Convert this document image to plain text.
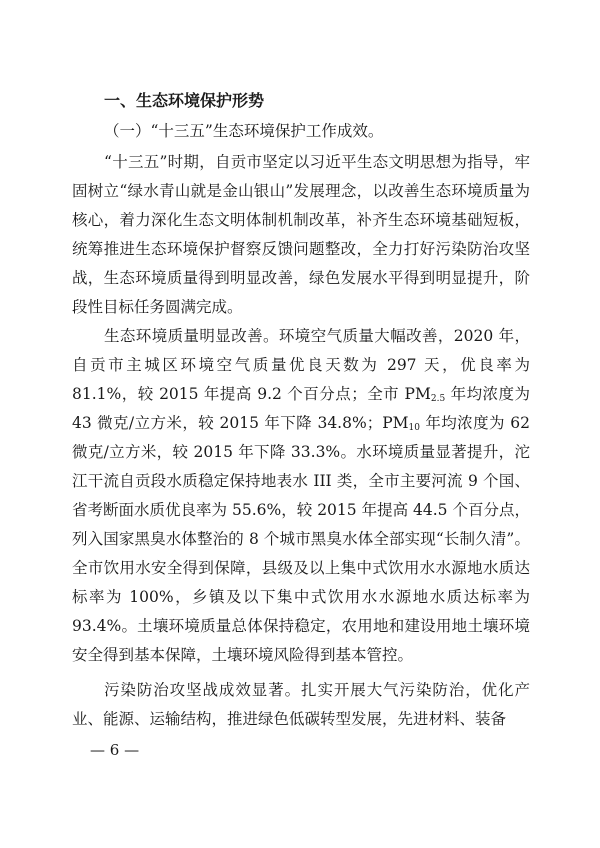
一、生态环境保护形势
（一）“十三五”生态环境保护工作成效。

“十三五”时期，自贡市坚定以习近平生态文明思想为指导，牢固树立“绿水青山就是金山银山”发展理念，以改善生态环境质量为核心，着力深化生态文明体制机制改革，补齐生态环境基础短板，统筹推进生态环境保护督察反馈问题整改，全力打好污染防治攻坚战，生态环境质量得到明显改善，绿色发展水平得到明显提升，阶段性目标任务圆满完成。

生态环境质量明显改善。环境空气质量大幅改善，2020 年，自贡市主城区环境空气质量优良天数为 297 天，优良率为 81.1%，较 2015 年提高 9.2 个百分点；全市 $PM_{2.5}$ 年均浓度为 43 微克/立方米，较 2015 年下降 34.8%；$PM_{10}$ 年均浓度为 62 微克/立方米，较 2015 年下降 33.3%。水环境质量显著提升，沱江干流自贡段水质稳定保持地表水 III 类，全市主要河流 9 个国、省考断面水质优良率为 55.6%，较 2015 年提高 44.5 个百分点，列入国家黑臭水体整治的 8 个城市黑臭水体全部实现“长制久清”。全市饮用水安全得到保障，县级及以上集中式饮用水水源地水质达标率为 100%，乡镇及以下集中式饮用水水源地水质达标率为 93.4%。土壤环境质量总体保持稳定，农用地和建设用地土壤环境安全得到基本保障，土壤环境风险得到基本管控。

污染防治攻坚战成效显著。扎实开展大气污染防治，优化产业、能源、运输结构，推进绿色低碳转型发展，先进材料、装备

— 6 —
